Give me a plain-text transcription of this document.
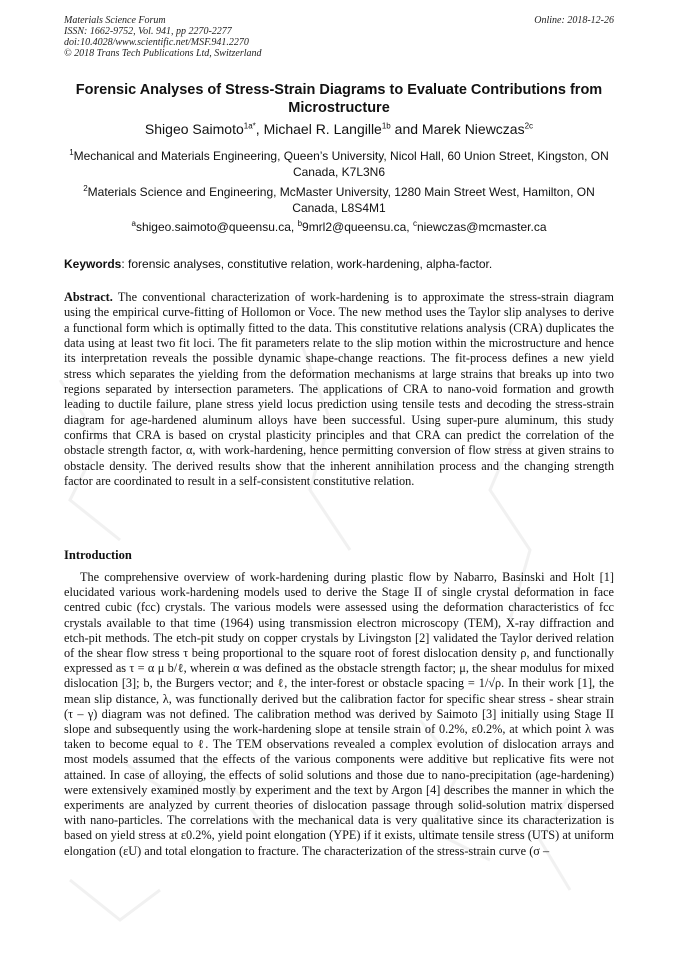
Materials Science Forum
ISSN: 1662-9752, Vol. 941, pp 2270-2277
doi:10.4028/www.scientific.net/MSF.941.2270
© 2018 Trans Tech Publications Ltd, Switzerland
Online: 2018-12-26
Forensic Analyses of Stress-Strain Diagrams to Evaluate Contributions from Microstructure
Shigeo Saimoto$^{1a*}$, Michael R. Langille$^{1b}$ and Marek Niewczas$^{2c}$
$^1$Mechanical and Materials Engineering, Queen’s University, Nicol Hall, 60 Union Street, Kingston, ON Canada, K7L3N6
$^2$Materials Science and Engineering, McMaster University, 1280 Main Street West, Hamilton, ON Canada, L8S4M1
$^a$shigeo.saimoto@queensu.ca, $^b$9mrl2@queensu.ca, $^c$niewczas@mcmaster.ca
Keywords: forensic analyses, constitutive relation, work-hardening, alpha-factor.
Abstract. The conventional characterization of work-hardening is to approximate the stress-strain diagram using the empirical curve-fitting of Hollomon or Voce. The new method uses the Taylor slip analyses to derive a functional form which is optimally fitted to the data. This constitutive relations analysis (CRA) duplicates the data using at least two fit loci. The fit parameters relate to the slip motion within the microstructure and hence its interpretation reveals the possible dynamic shape-change reactions. The fit-process defines a new yield stress which separates the yielding from the deformation mechanisms at large strains that breaks up into two regions separated by intersection parameters. The applications of CRA to nano-void formation and growth leading to ductile failure, plane stress yield locus prediction using tensile tests and decoding the stress-strain diagram for age-hardened aluminum alloys have been successful. Using super-pure aluminum, this study confirms that CRA is based on crystal plasticity principles and that CRA can predict the correlation of the obstacle strength factor, α, with work-hardening, hence permitting conversion of flow stress at given strains to obstacle density. The derived results show that the inherent annihilation process and the changing strength factor are coordinated to result in a self-consistent constitutive relation.
Introduction
The comprehensive overview of work-hardening during plastic flow by Nabarro, Basinski and Holt [1] elucidated various work-hardening models used to derive the Stage II of single crystal deformation in face centred cubic (fcc) crystals. The various models were assessed using the deformation characteristics of fcc crystals available to that time (1964) using transmission electron microscopy (TEM), X-ray diffraction and etch-pit methods. The etch-pit study on copper crystals by Livingston [2] validated the Taylor derived relation of the shear flow stress τ being proportional to the square root of forest dislocation density ρ, and functionally expressed as τ = α μ b/ℓ, wherein α was defined as the obstacle strength factor; μ, the shear modulus for mixed dislocation [3]; b, the Burgers vector; and ℓ, the inter-forest or obstacle spacing = 1/√ρ. In their work [1], the mean slip distance, λ, was functionally derived but the calibration factor for specific shear stress - shear strain (τ – γ) diagram was not defined. The calibration method was derived by Saimoto [3] initially using Stage II slope and subsequently using the work-hardening slope at tensile strain of 0.2%, ε0.2%, at which point λ was taken to become equal to ℓ. The TEM observations revealed a complex evolution of dislocation arrays and most models assumed that the effects of the various components were additive but replicative fits were not attained. In case of alloying, the effects of solid solutions and those due to nano-precipitation (age-hardening) were extensively examined mostly by experiment and the text by Argon [4] describes the manner in which the experiments are analyzed by current theories of dislocation passage through solid-solution matrix dispersed with nano-particles. The correlations with the mechanical data is very qualitative since its characterization is based on yield stress at ε0.2%, yield point elongation (YPE) if it exists, ultimate tensile stress (UTS) at uniform elongation (εU) and total elongation to fracture. The characterization of the stress-strain curve (σ –
